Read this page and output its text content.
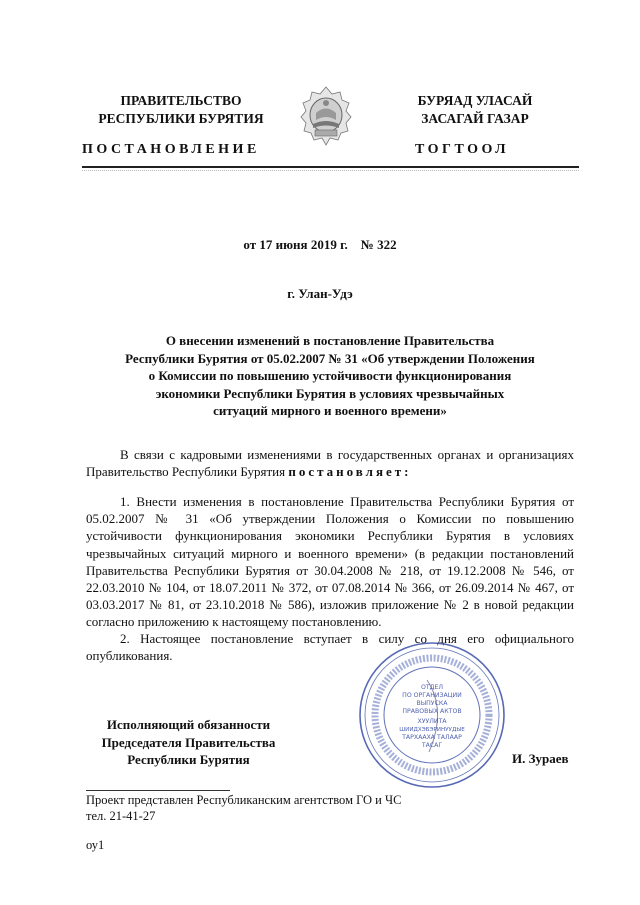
ПРАВИТЕЛЬСТВО
РЕСПУБЛИКИ БУРЯТИЯ
БУРЯАД УЛАСАЙ
ЗАСАГАЙ ГАЗАР
ПОСТАНОВЛЕНИЕ	ТОГТООЛ
от 17 июня 2019 г.    № 322
г. Улан-Удэ
О внесении изменений в постановление Правительства
Республики Бурятия от 05.02.2007 № 31 «Об утверждении Положения
о Комиссии по повышению устойчивости функционирования
экономики Республики Бурятия в условиях чрезвычайных
ситуаций мирного и военного времени»

В связи с кадровыми изменениями в государственных органах и организациях Правительство Республики Бурятия постановляет:

1. Внести изменения в постановление Правительства Республики Бурятия от 05.02.2007 № 31 «Об утверждении Положения о Комиссии по повышению устойчивости функционирования экономики Республики Бурятия в условиях чрезвычайных ситуаций мирного и военного времени» (в редакции постановлений Правительства Республики Бурятия от 30.04.2008 № 218, от 19.12.2008 № 546, от 22.03.2010 № 104, от 18.07.2011 № 372, от 07.08.2014 № 366, от 26.09.2014 № 467, от 03.03.2017 № 81, от 23.10.2018 № 586), изложив приложение № 2 в новой редакции согласно приложению к настоящему постановлению.

2. Настоящее постановление вступает в силу со дня его официального опубликования.

ОТДЕЛ
ПО ОРГАНИЗАЦИИ
ВЫПУСКА
ПРАВОВЫХ АКТОВ
ХУУЛИТА
ШИИДХЭБЭРИНУУДЫЕ
ТАРХААХА ТАЛААР
ТАСАГ
Исполняющий обязанности
Председателя Правительства
Республики Бурятия	И. Зураев
Проект представлен Республиканским агентством ГО и ЧС
тел. 21-41-27
оу1
